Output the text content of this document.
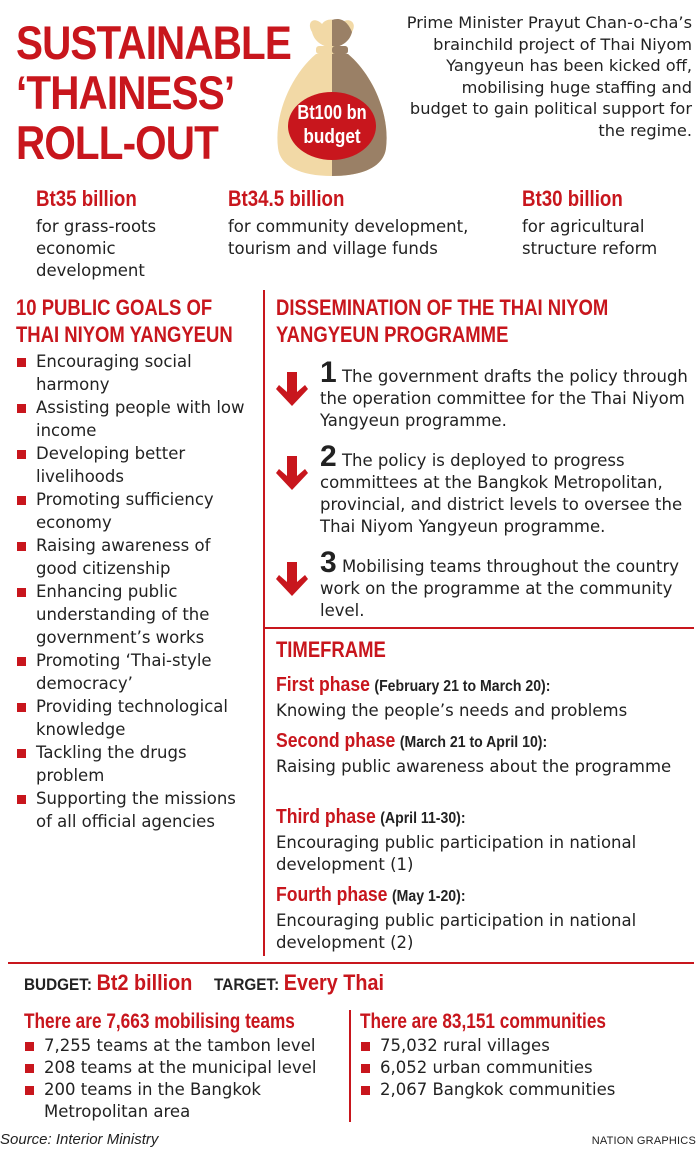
SUSTAINABLE
‘THAINESS’
ROLL-OUT
Bt100 bn
budget
Prime Minister Prayut Chan-o-cha’s brainchild project of Thai Niyom Yangyeun has been kicked off, mobilising huge staffing and budget to gain political support for the regime.
Bt35 billion
for grass-roots economic development
Bt34.5 billion
for community development, tourism and village funds
Bt30 billion
for agricultural structure reform
10 PUBLIC GOALS OF
THAI NIYOM YANGYEUN
Encouraging social harmony
Assisting people with low income
Developing better livelihoods
Promoting sufficiency economy
Raising awareness of good citizenship
Enhancing public understanding of the government’s works
Promoting ‘Thai-style democracy’
Providing technological knowledge
Tackling the drugs problem
Supporting the missions of all official agencies
DISSEMINATION OF THE THAI NIYOM
YANGYEUN PROGRAMME
1 The government drafts the policy through the operation committee for the Thai Niyom Yangyeun programme.
2 The policy is deployed to progress committees at the Bangkok Metropolitan, provincial, and district levels to oversee the Thai Niyom Yangyeun programme.
3 Mobilising teams throughout the country work on the programme at the community level.
TIMEFRAME
First phase (February 21 to March 20):
Knowing the people’s needs and problems
Second phase (March 21 to April 10):
Raising public awareness about the programme
Third phase (April 11-30):
Encouraging public participation in national development (1)
Fourth phase (May 1-20):
Encouraging public participation in national development (2)
BUDGET: Bt2 billion TARGET: Every Thai
There are 7,663 mobilising teams
7,255 teams at the tambon level
208 teams at the municipal level
200 teams in the Bangkok Metropolitan area
There are 83,151 communities
75,032 rural villages
6,052 urban communities
2,067 Bangkok communities
Source: Interior Ministry	NATION GRAPHICS
